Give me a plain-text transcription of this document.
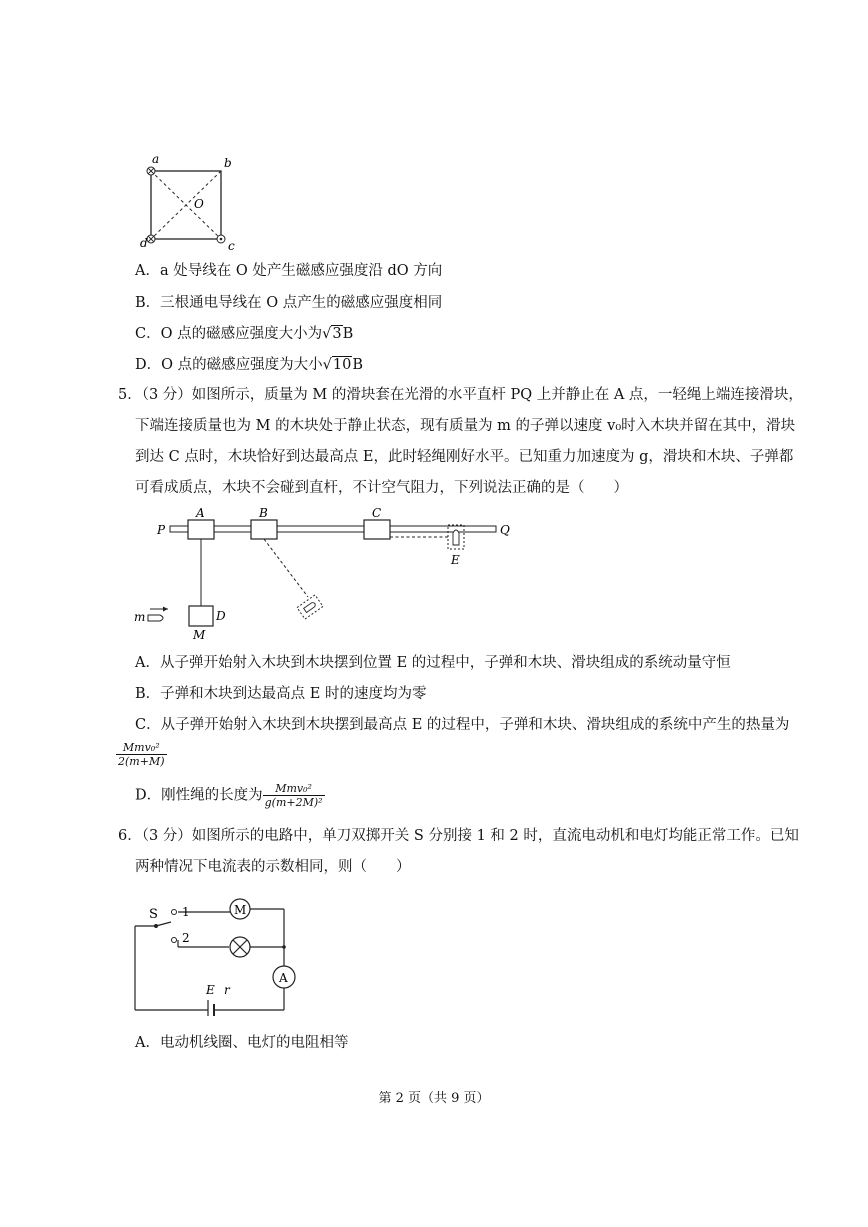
a	b
O
d	c
A．a 处导线在 O 处产生磁感应强度沿 dO 方向
B．三根通电导线在 O 点产生的磁感应强度相同
C．O 点的磁感应强度大小为√3B
D．O 点的磁感应强度为大小√10B
5．（3 分）如图所示，质量为 M 的滑块套在光滑的水平直杆 PQ 上并静止在 A 点，一轻绳上端连接滑块，
下端连接质量也为 M 的木块处于静止状态，现有质量为 m 的子弹以速度 v₀时入木块并留在其中，滑块
到达 C 点时，木块恰好到达最高点 E，此时轻绳刚好水平。已知重力加速度为 g，滑块和木块、子弹都
可看成质点，木块不会碰到直杆，不计空气阻力，下列说法正确的是（　　）
P	Q
A	B	C
E
D
M
m
A．从子弹开始射入木块到木块摆到位置 E 的过程中，子弹和木块、滑块组成的系统动量守恒
B．子弹和木块到达最高点 E 时的速度均为零
C．从子弹开始射入木块到木块摆到最高点 E 的过程中，子弹和木块、滑块组成的系统中产生的热量为
$\frac{\text{Mmv₀²}}{2(m+M)}$
D．刚性绳的长度为 $\frac{\text{Mmv₀²}}{\text{g(m+2M)²}}$
6．（3 分）如图所示的电路中，单刀双掷开关 S 分别接 1 和 2 时，直流电动机和电灯均能正常工作。已知
两种情况下电流表的示数相同，则（　　）
M
S 1
2
A
E r
A．电动机线圈、电灯的电阻相等
第 2 页（共 9 页）
